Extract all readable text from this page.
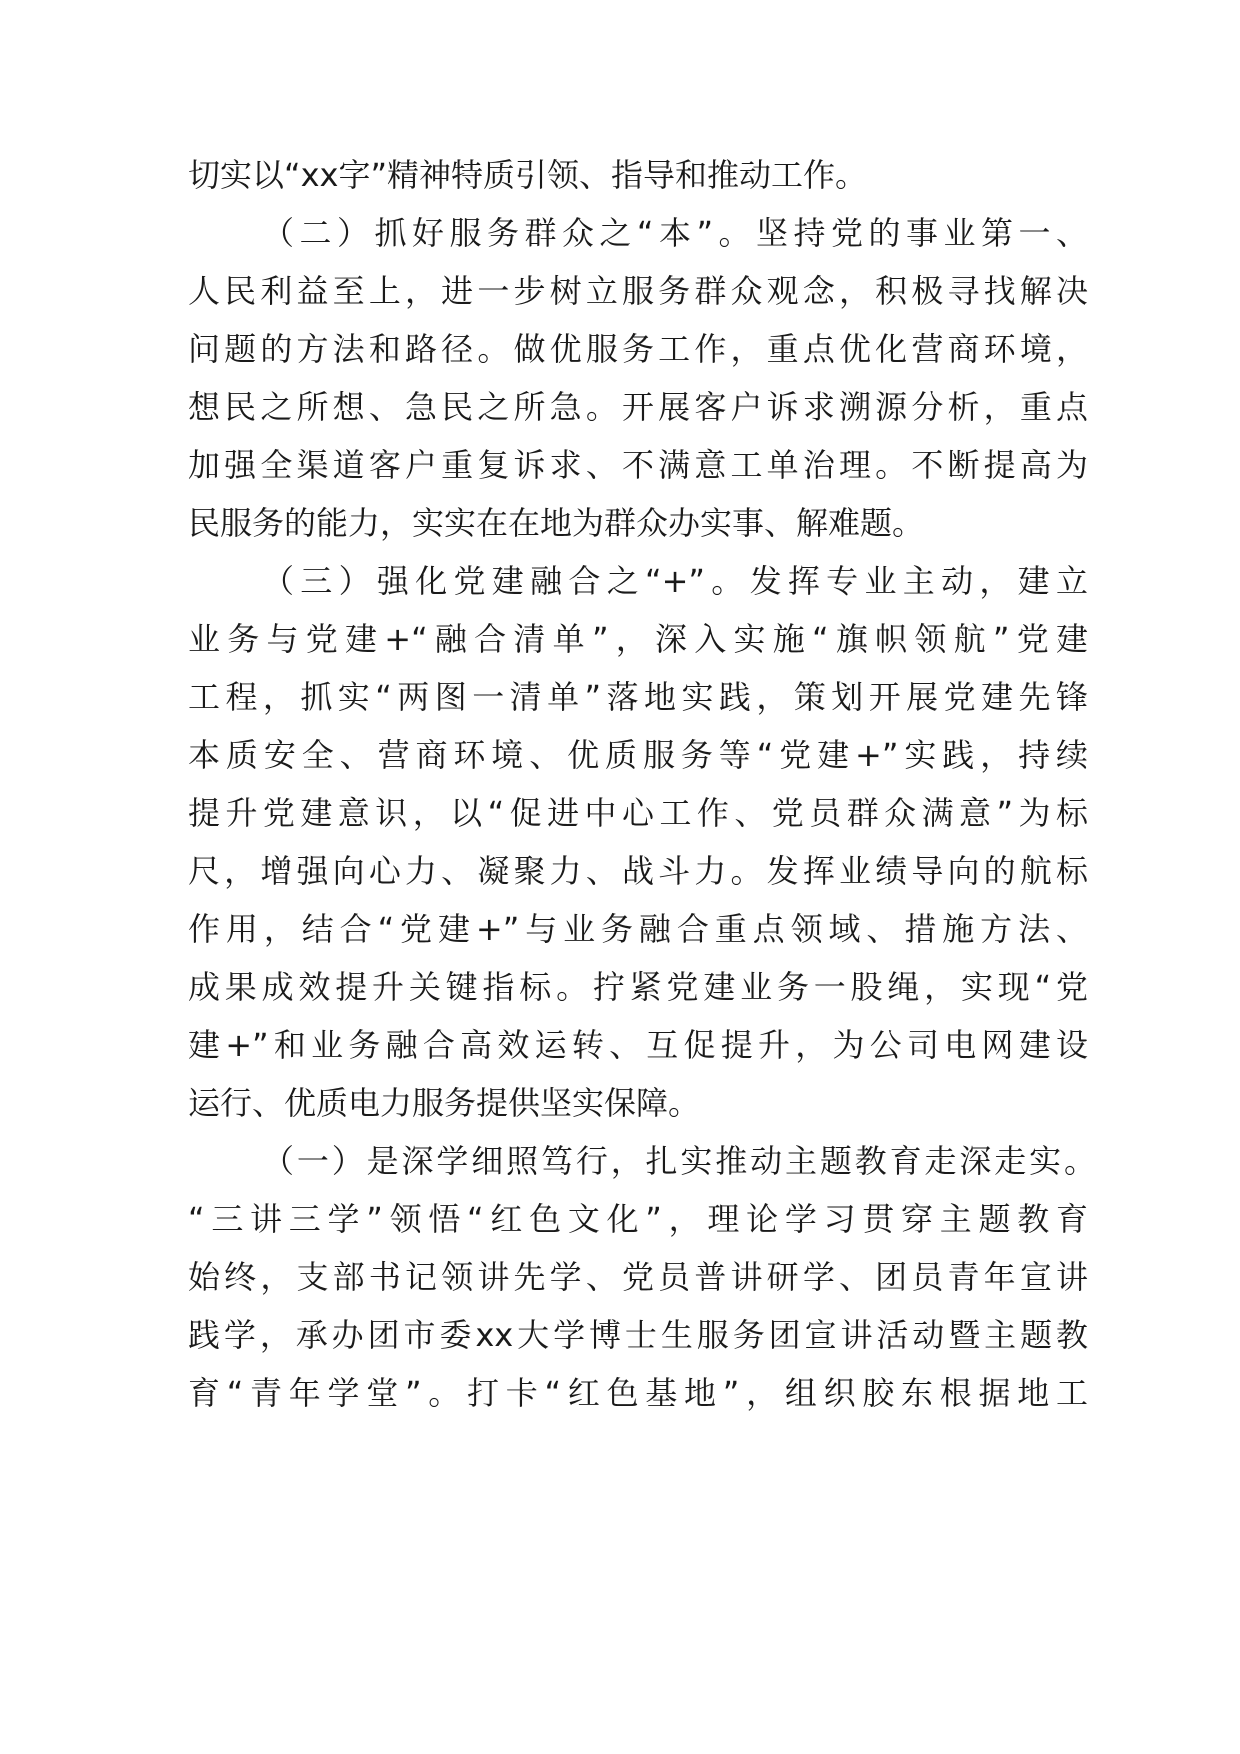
切实以“xx字”精神特质引领、指导和推动工作。

（二）抓好服务群众之“本”。坚持党的事业第一、

人民利益至上，进一步树立服务群众观念，积极寻找解决

问题的方法和路径。做优服务工作，重点优化营商环境，

想民之所想、急民之所急。开展客户诉求溯源分析，重点

加强全渠道客户重复诉求、不满意工单治理。不断提高为

民服务的能力，实实在在地为群众办实事、解难题。

（三）强化党建融合之“+”。发挥专业主动，建立

业务与党建+“融合清单”，深入实施“旗帜领航”党建

工程，抓实“两图一清单”落地实践，策划开展党建先锋

本质安全、营商环境、优质服务等“党建+”实践，持续

提升党建意识，以“促进中心工作、党员群众满意”为标

尺，增强向心力、凝聚力、战斗力。发挥业绩导向的航标

作用，结合“党建+”与业务融合重点领域、措施方法、

成果成效提升关键指标。拧紧党建业务一股绳，实现“党

建+”和业务融合高效运转、互促提升，为公司电网建设

运行、优质电力服务提供坚实保障。

（一）是深学细照笃行，扎实推动主题教育走深走实。

“三讲三学”领悟“红色文化”，理论学习贯穿主题教育

始终，支部书记领讲先学、党员普讲研学、团员青年宣讲

践学，承办团市委xx大学博士生服务团宣讲活动暨主题教

育“青年学堂”。打卡“红色基地”，组织胶东根据地工
